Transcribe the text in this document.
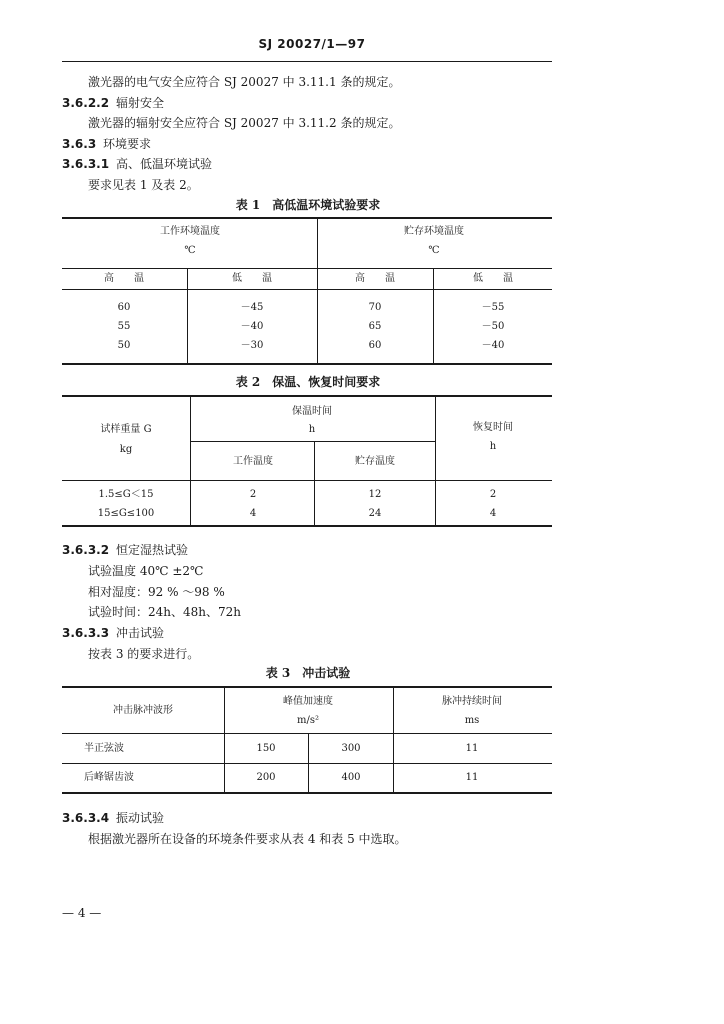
SJ 20027/1—97
激光器的电气安全应符合 SJ 20027 中 3.11.1 条的规定。
3.6.2.2 辐射安全
激光器的辐射安全应符合 SJ 20027 中 3.11.2 条的规定。
3.6.3 环境要求
3.6.3.1 高、低温环境试验
要求见表 1 及表 2。
表 1　高低温环境试验要求
工作环境温度
℃
贮存环境温度
℃
高　　温	低　　温	高　　温	低　　温
60	－45	70	－55
55	－40	65	－50
50	－30	60	－40
表 2　保温、恢复时间要求
试样重量 G
kg
保温时间
h	恢复时间
h
工作温度	贮存温度
1.5≤G＜15	2	12	2
15≤G≤100	4	24	4
3.6.3.2 恒定湿热试验
试验温度 40℃ ±2℃
相对湿度：92 % ～98 %
试验时间：24h、48h、72h
3.6.3.3 冲击试验
按表 3 的要求进行。
表 3　冲击试验
冲击脉冲波形
峰值加速度
m/s²
脉冲持续时间
ms
半正弦波	150	300	11
后峰锯齿波	200	400	11
3.6.3.4 振动试验
根据激光器所在设备的环境条件要求从表 4 和表 5 中选取。
— 4 —
